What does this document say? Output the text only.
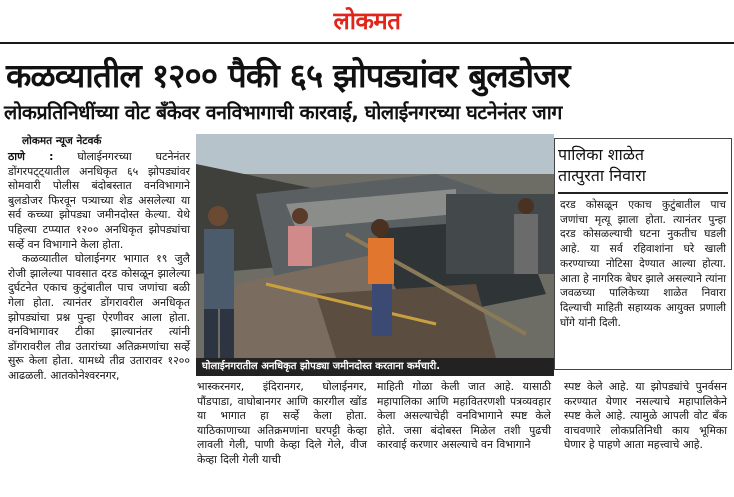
लोकमत
कळव्यातील १२०० पैकी ६५ झोपड्यांवर बुलडोजर
लोकप्रतिनिधींच्या वोट बँकेवर वनविभागाची कारवाई, घोलाईनगरच्या घटनेनंतर जाग
लोकमत न्यूज नेटवर्क

ठाणे : घोलाईनगरच्या घटनेनंतर डोंगरपट्ट्यातील अनधिकृत ६५ झोपड्यांवर सोमवारी पोलीस बंदोबस्तात वनविभागाने बुलडोजर फिरवून पत्र्याच्या शेड असलेल्या या सर्व कच्च्या झोपड्या जमीनदोस्त केल्या. येथे पहिल्या टप्प्यात १२०० अनधिकृत झोपड्यांचा सर्व्हे वन विभागाने केला होता.

कळव्यातील घोलाईनगर भागात १९ जुलै रोजी झालेल्या पावसात दरड कोसळून झालेल्या दुर्घटनेत एकाच कुटुंबातील पाच जणांचा बळी गेला होता. त्यानंतर डोंगरावरील अनधिकृत झोपड्यांचा प्रश्न पुन्हा ऐरणीवर आला होता. वनविभागावर टीका झाल्यानंतर त्यांनी डोंगरावरील तीव्र उतारांच्या अतिक्रमणांचा सर्व्हे सुरू केला होता. यामध्ये तीव्र उतारावर १२०० आढळली. आतकोनेश्वरनगर,

घोलाईनगरातील अनधिकृत झोपड्या जमीनदोस्त करताना कर्मचारी.
पालिका शाळेत
तात्पुरता निवारा
दरड कोसळून एकाच कुटुंबातील पाच जणांचा मृत्यू झाला होता. त्यानंतर पुन्हा दरड कोसळल्याची घटना नुकतीच घडली आहे. या सर्व रहिवाशांना घरे खाली करण्याच्या नोटिसा देण्यात आल्या होत्या. आता हे नागरिक बेघर झाले असल्याने त्यांना जवळच्या पालिकेच्या शाळेत निवारा दिल्याची माहिती सहाय्यक आयुक्त प्रणाली घोंगे यांनी दिली.
भास्करनगर, इंदिरानगर, घोलाईनगर, पौंडपाडा, वाघोबानगर आणि कारगील खोंड या भागात हा सर्व्हे केला होता. याठिकाणाच्या अतिक्रमणांना घरपट्टी केव्हा लावली गेली, पाणी केव्हा दिले गेले, वीज केव्हा दिली गेली याची
माहिती गोळा केली जात आहे. यासाठी महापालिका आणि महावितरणशी पत्रव्यवहार केला असल्याचेही वनविभागाने स्पष्ट केले होते. जसा बंदोबस्त मिळेल तशी पुढची कारवाई करणार असल्याचे वन विभागाने
स्पष्ट केले आहे. या झोपड्यांचे पुनर्वसन करण्यात येणार नसल्याचे महापालिकेने स्पष्ट केले आहे. त्यामुळे आपली वोट बँक वाचवणारे लोकप्रतिनिधी काय भूमिका घेणार हे पाहणे आता महत्त्वाचे आहे.
